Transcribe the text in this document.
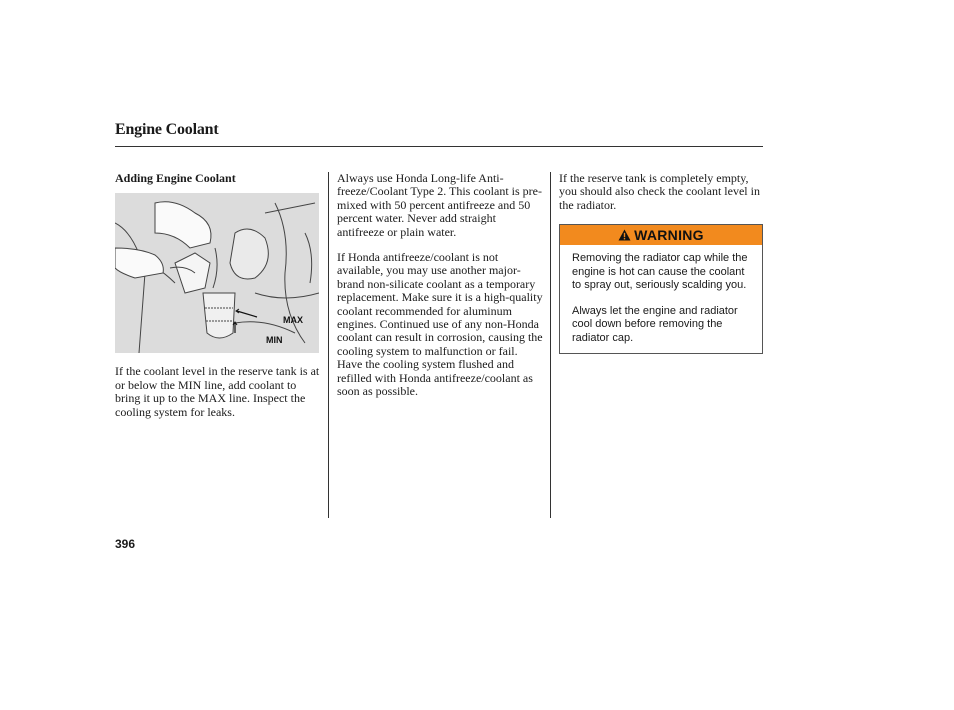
Engine Coolant
Adding Engine Coolant
MAX
MIN

If the coolant level in the reserve tank is at or below the MIN line, add coolant to bring it up to the MAX line. Inspect the cooling system for leaks.

Always use Honda Long-life Anti-freeze/Coolant Type 2. This coolant is pre-mixed with 50 percent antifreeze and 50 percent water. Never add straight antifreeze or plain water.

If Honda antifreeze/coolant is not available, you may use another major-brand non-silicate coolant as a temporary replacement. Make sure it is a high-quality coolant recommended for aluminum engines. Continued use of any non-Honda coolant can result in corrosion, causing the cooling system to malfunction or fail. Have the cooling system flushed and refilled with Honda antifreeze/coolant as soon as possible.

If the reserve tank is completely empty, you should also check the coolant level in the radiator.

WARNING

Removing the radiator cap while the engine is hot can cause the coolant to spray out, seriously scalding you.

Always let the engine and radiator cool down before removing the radiator cap.

396
